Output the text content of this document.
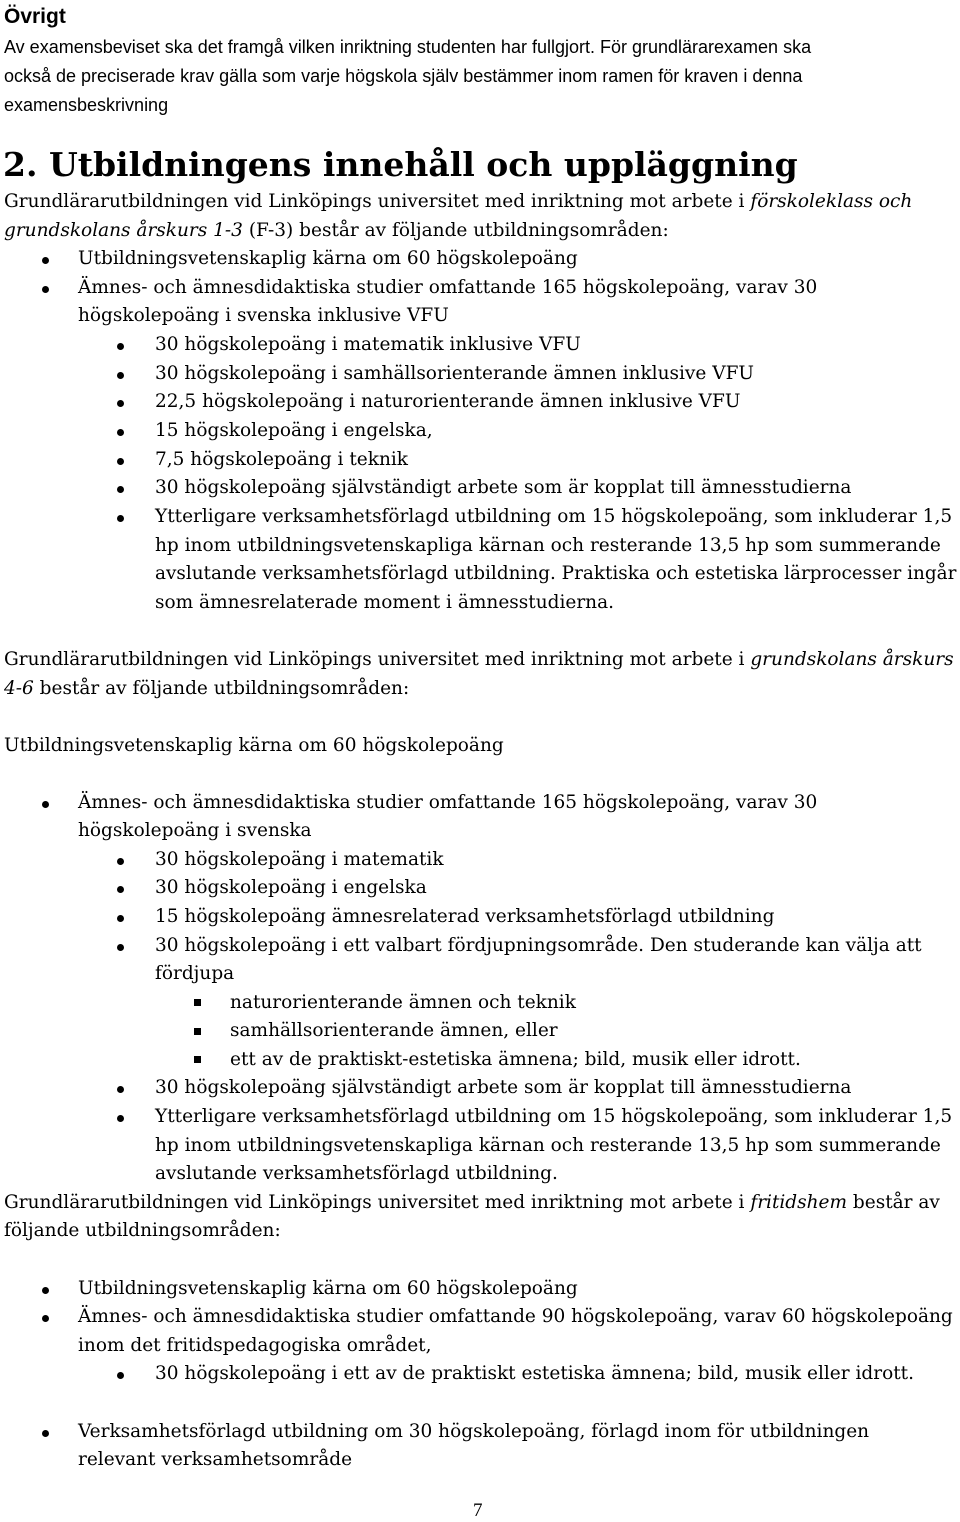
Övrigt
Av examensbeviset ska det framgå vilken inriktning studenten har fullgjort. För grundlärarexamen ska
också de preciserade krav gälla som varje högskola själv bestämmer inom ramen för kraven i denna
examensbeskrivning
2. Utbildningens innehåll och uppläggning
Grundlärarutbildningen vid Linköpings universitet med inriktning mot arbete i förskoleklass och
grundskolans årskurs 1-3 (F-3) består av följande utbildningsområden:
Utbildningsvetenskaplig kärna om 60 högskolepoäng
Ämnes- och ämnesdidaktiska studier omfattande 165 högskolepoäng, varav 30
högskolepoäng i svenska inklusive VFU
30 högskolepoäng i matematik inklusive VFU
30 högskolepoäng i samhällsorienterande ämnen inklusive VFU
22,5 högskolepoäng i naturorienterande ämnen inklusive VFU
15 högskolepoäng i engelska,
7,5 högskolepoäng i teknik
30 högskolepoäng självständigt arbete som är kopplat till ämnesstudierna
Ytterligare verksamhetsförlagd utbildning om 15 högskolepoäng, som inkluderar 1,5
hp inom utbildningsvetenskapliga kärnan och resterande 13,5 hp som summerande
avslutande verksamhetsförlagd utbildning. Praktiska och estetiska lärprocesser ingår
som ämnesrelaterade moment i ämnesstudierna.
Grundlärarutbildningen vid Linköpings universitet med inriktning mot arbete i grundskolans årskurs
4-6 består av följande utbildningsområden:
Utbildningsvetenskaplig kärna om 60 högskolepoäng
Ämnes- och ämnesdidaktiska studier omfattande 165 högskolepoäng, varav 30
högskolepoäng i svenska
30 högskolepoäng i matematik
30 högskolepoäng i engelska
15 högskolepoäng ämnesrelaterad verksamhetsförlagd utbildning
30 högskolepoäng i ett valbart fördjupningsområde. Den studerande kan välja att
fördjupa
naturorienterande ämnen och teknik
samhällsorienterande ämnen, eller
ett av de praktiskt-estetiska ämnena; bild, musik eller idrott.
30 högskolepoäng självständigt arbete som är kopplat till ämnesstudierna
Ytterligare verksamhetsförlagd utbildning om 15 högskolepoäng, som inkluderar 1,5
hp inom utbildningsvetenskapliga kärnan och resterande 13,5 hp som summerande
avslutande verksamhetsförlagd utbildning.
Grundlärarutbildningen vid Linköpings universitet med inriktning mot arbete i fritidshem består av
följande utbildningsområden:
Utbildningsvetenskaplig kärna om 60 högskolepoäng
Ämnes- och ämnesdidaktiska studier omfattande 90 högskolepoäng, varav 60 högskolepoäng
inom det fritidspedagogiska området,
30 högskolepoäng i ett av de praktiskt estetiska ämnena; bild, musik eller idrott.
Verksamhetsförlagd utbildning om 30 högskolepoäng, förlagd inom för utbildningen
relevant verksamhetsområde
7
